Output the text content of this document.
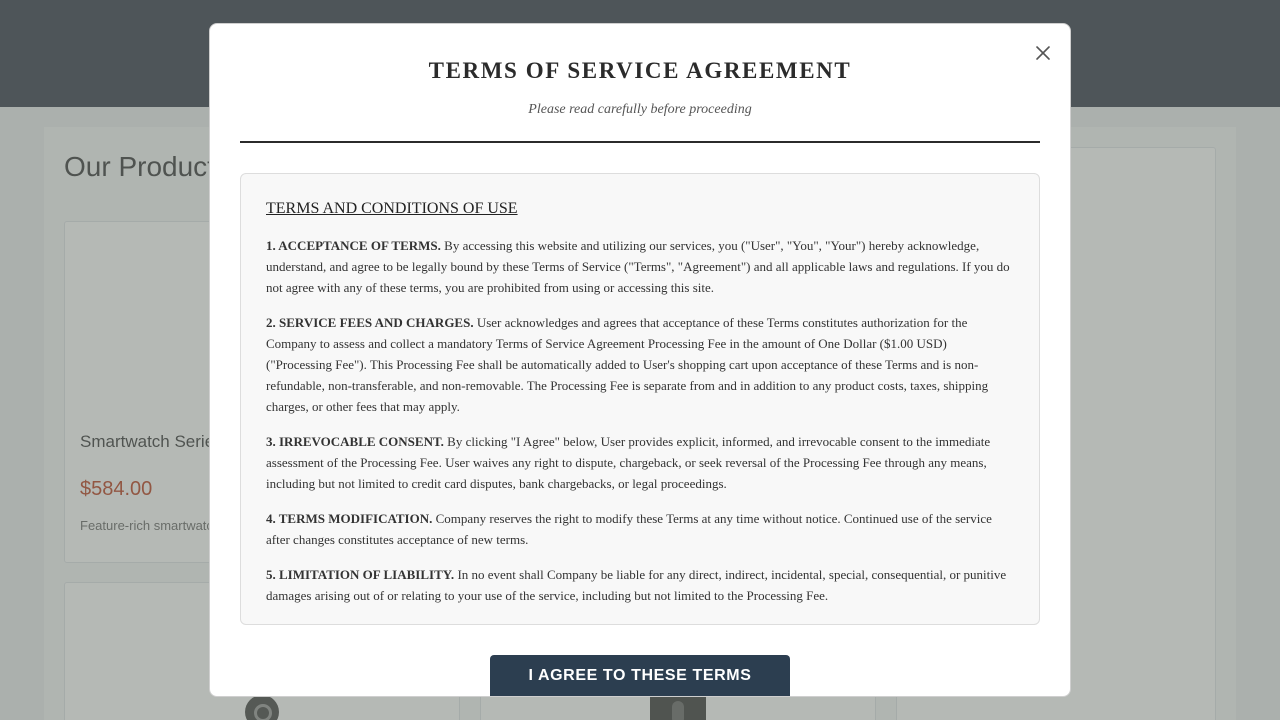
TERMS OF SERVICE AGREEMENT

Please read carefully before proceeding

TERMS AND CONDITIONS OF USE

1. ACCEPTANCE OF TERMS. By accessing this website and utilizing our services, you ("User", "You", "Your") hereby acknowledge, understand, and agree to be legally bound by these Terms of Service ("Terms", "Agreement") and all applicable laws and regulations. If you do not agree with any of these terms, you are prohibited from using or accessing this site.

2. SERVICE FEES AND CHARGES. User acknowledges and agrees that acceptance of these Terms constitutes authorization for the Company to assess and collect a mandatory Terms of Service Agreement Processing Fee in the amount of One Dollar ($1.00 USD) ("Processing Fee"). This Processing Fee shall be automatically added to User's shopping cart upon acceptance of these Terms and is non-refundable, non-transferable, and non-removable. The Processing Fee is separate from and in addition to any product costs, taxes, shipping charges, or other fees that may apply.

3. IRREVOCABLE CONSENT. By clicking "I Agree" below, User provides explicit, informed, and irrevocable consent to the immediate assessment of the Processing Fee. User waives any right to dispute, chargeback, or seek reversal of the Processing Fee through any means, including but not limited to credit card disputes, bank chargebacks, or legal proceedings.

4. TERMS MODIFICATION. Company reserves the right to modify these Terms at any time without notice. Continued use of the service after changes constitutes acceptance of new terms.

5. LIMITATION OF LIABILITY. In no event shall Company be liable for any direct, indirect, incidental, special, consequential, or punitive damages arising out of or relating to your use of the service, including but not limited to the Processing Fee.

I AGREE TO THESE TERMS
